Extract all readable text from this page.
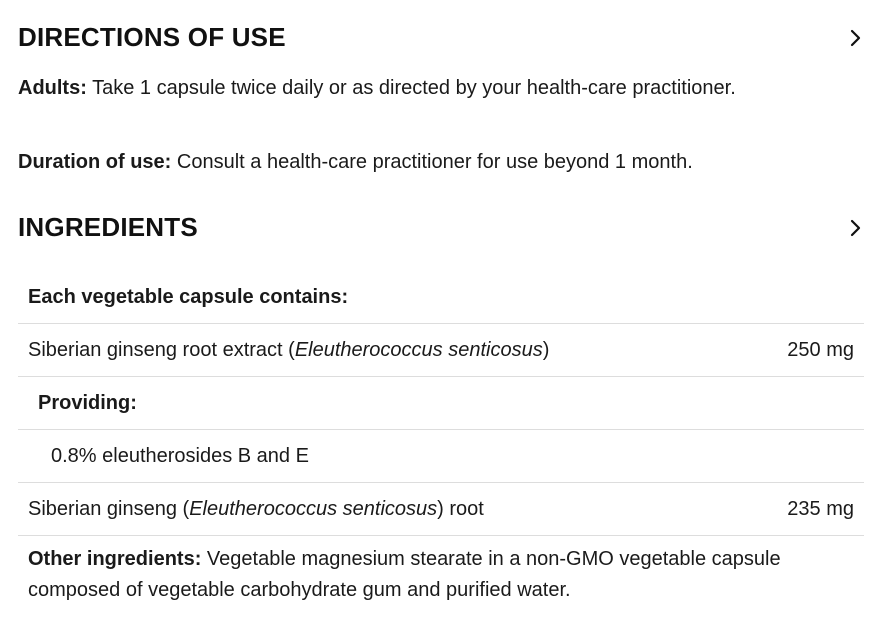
DIRECTIONS OF USE
Adults: Take 1 capsule twice daily or as directed by your health-care practitioner.
Duration of use: Consult a health-care practitioner for use beyond 1 month.
INGREDIENTS
Each vegetable capsule contains:
Siberian ginseng root extract (Eleutherococcus senticosus)	250 mg
Providing:
0.8% eleutherosides B and E
Siberian ginseng (Eleutherococcus senticosus) root	235 mg
Other ingredients: Vegetable magnesium stearate in a non-GMO vegetable capsule composed of vegetable carbohydrate gum and purified water.
